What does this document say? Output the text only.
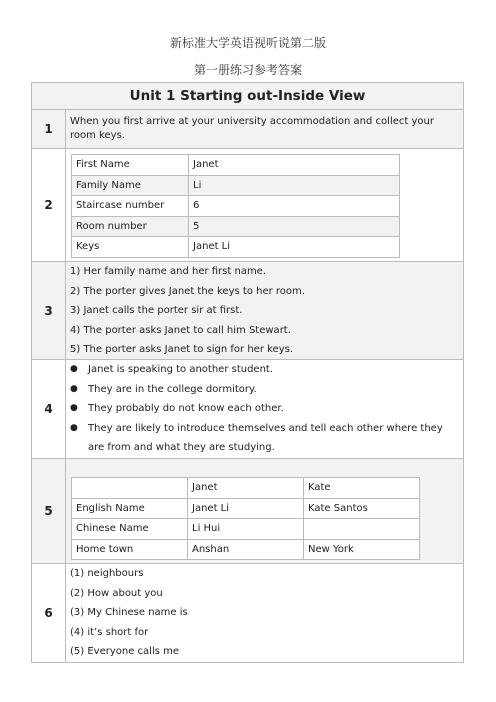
新标准大学英语视听说第二版
第一册练习参考答案
Unit 1 Starting out-Inside View
1
When you first arrive at your university accommodation and collect your room keys.
2
First Name	Janet
Family Name	Li
Staircase number	6
Room number	5
Keys	Janet Li
3
1) Her family name and her first name.
2) The porter gives Janet the keys to her room.
3) Janet calls the porter sir at first.
4) The porter asks Janet to call him Stewart.
5) The porter asks Janet to sign for her keys.
4
●	Janet is speaking to another student.
●	They are in the college dormitory.
●	They probably do not know each other.
●	They are likely to introduce themselves and tell each other where they are from and what they are studying.
5
	Janet	Kate
English Name	Janet Li	Kate Santos
Chinese Name	Li Hui	
Home town	Anshan	New York
6
(1) neighbours
(2) How about you
(3) My Chinese name is
(4) it’s short for
(5) Everyone calls me
